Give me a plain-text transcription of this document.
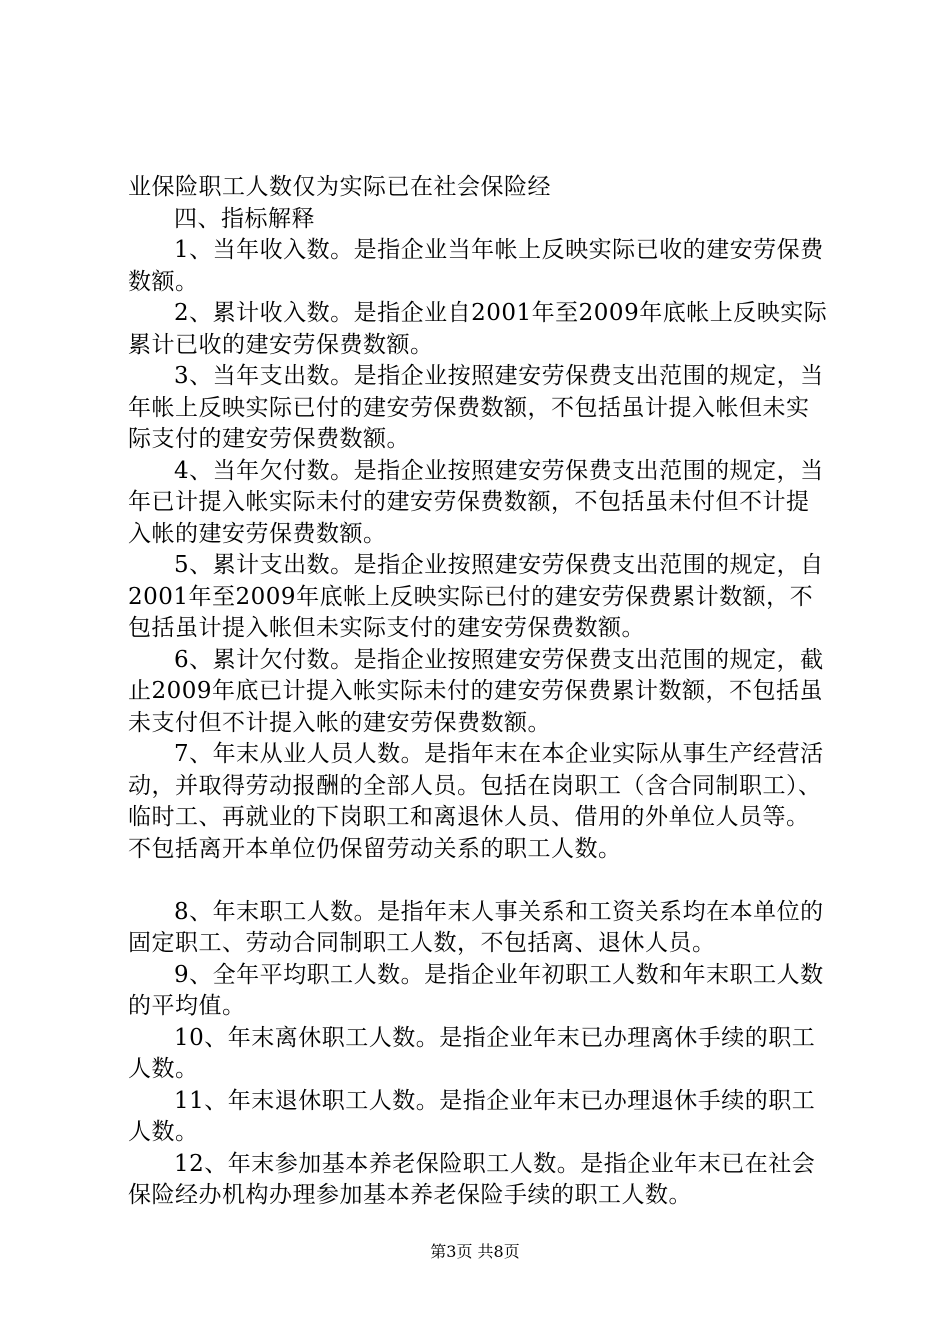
业保险职工人数仅为实际已在社会保险经

四、指标解释

1、当年收入数。是指企业当年帐上反映实际已收的建安劳保费数额。

2、累计收入数。是指企业自2001年至2009年底帐上反映实际累计已收的建安劳保费数额。

3、当年支出数。是指企业按照建安劳保费支出范围的规定，当年帐上反映实际已付的建安劳保费数额，不包括虽计提入帐但未实际支付的建安劳保费数额。

4、当年欠付数。是指企业按照建安劳保费支出范围的规定，当年已计提入帐实际未付的建安劳保费数额，不包括虽未付但不计提入帐的建安劳保费数额。

5、累计支出数。是指企业按照建安劳保费支出范围的规定，自2001年至2009年底帐上反映实际已付的建安劳保费累计数额，不包括虽计提入帐但未实际支付的建安劳保费数额。

6、累计欠付数。是指企业按照建安劳保费支出范围的规定，截止2009年底已计提入帐实际未付的建安劳保费累计数额，不包括虽未支付但不计提入帐的建安劳保费数额。

7、年末从业人员人数。是指年末在本企业实际从事生产经营活动，并取得劳动报酬的全部人员。包括在岗职工（含合同制职工）、临时工、再就业的下岗职工和离退休人员、借用的外单位人员等。不包括离开本单位仍保留劳动关系的职工人数。

8、年末职工人数。是指年末人事关系和工资关系均在本单位的固定职工、劳动合同制职工人数，不包括离、退休人员。

9、全年平均职工人数。是指企业年初职工人数和年末职工人数的平均值。

10、年末离休职工人数。是指企业年末已办理离休手续的职工人数。

11、年末退休职工人数。是指企业年末已办理退休手续的职工人数。

12、年末参加基本养老保险职工人数。是指企业年末已在社会保险经办机构办理参加基本养老保险手续的职工人数。

第3页 共8页
